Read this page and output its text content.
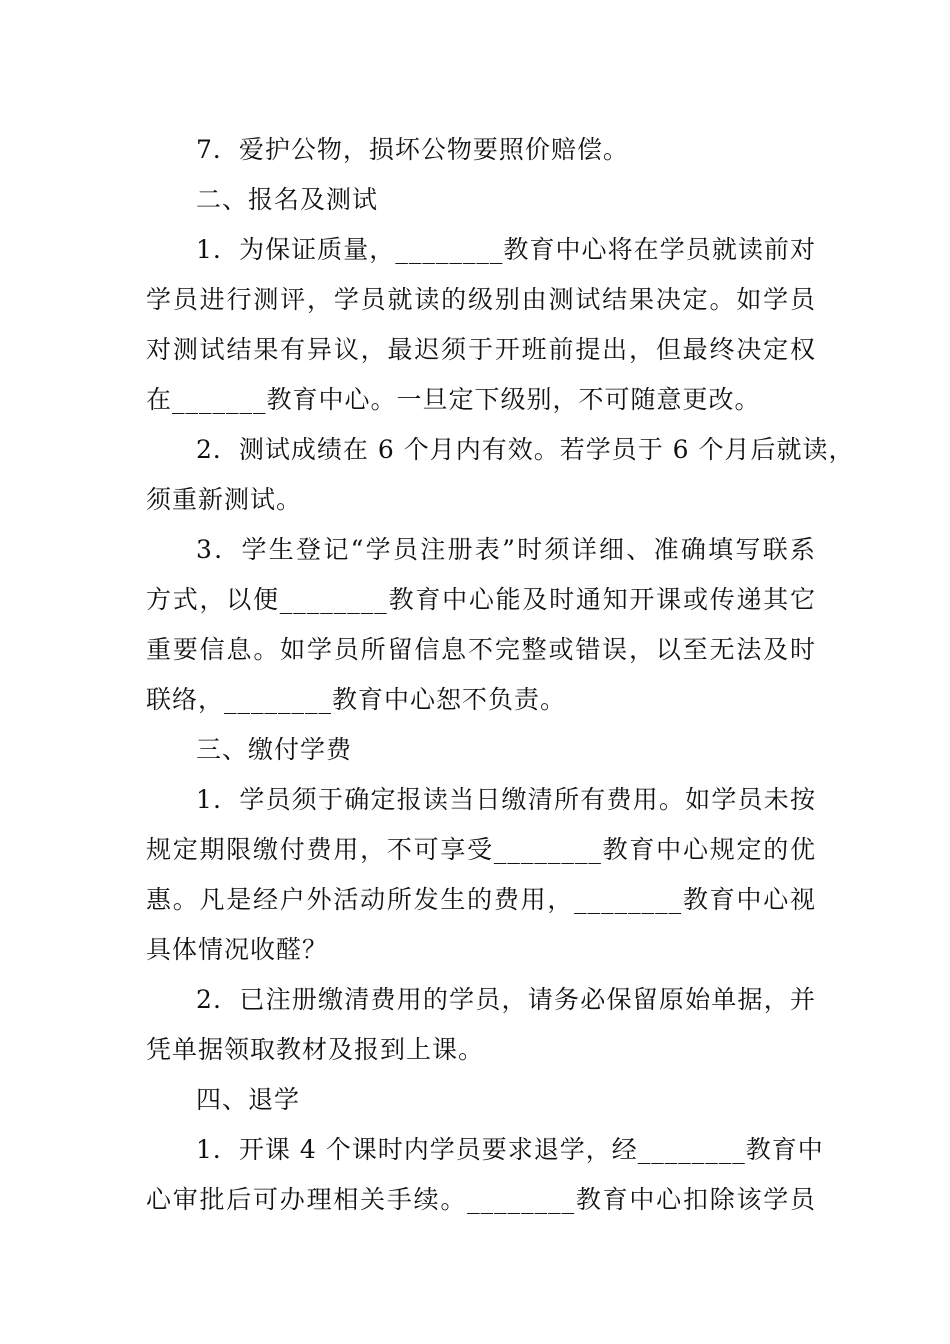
7．爱护公物，损坏公物要照价赔偿。
二、报名及测试
1．为保证质量，________教育中心将在学员就读前对
学员进行测评，学员就读的级别由测试结果决定。如学员
对测试结果有异议，最迟须于开班前提出，但最终决定权
在_______教育中心。一旦定下级别，不可随意更改。
2．测试成绩在 6 个月内有效。若学员于 6 个月后就读，
须重新测试。
3．学生登记“学员注册表”时须详细、准确填写联系
方式，以便________教育中心能及时通知开课或传递其它
重要信息。如学员所留信息不完整或错误，以至无法及时
联络，________教育中心恕不负责。
三、缴付学费
1．学员须于确定报读当日缴清所有费用。如学员未按
规定期限缴付费用，不可享受________教育中心规定的优
惠。凡是经户外活动所发生的费用，________教育中心视
具体情况收醛？
2．已注册缴清费用的学员，请务必保留原始单据，并
凭单据领取教材及报到上课。
四、退学
1．开课 4 个课时内学员要求退学，经________教育中
心审批后可办理相关手续。________教育中心扣除该学员
